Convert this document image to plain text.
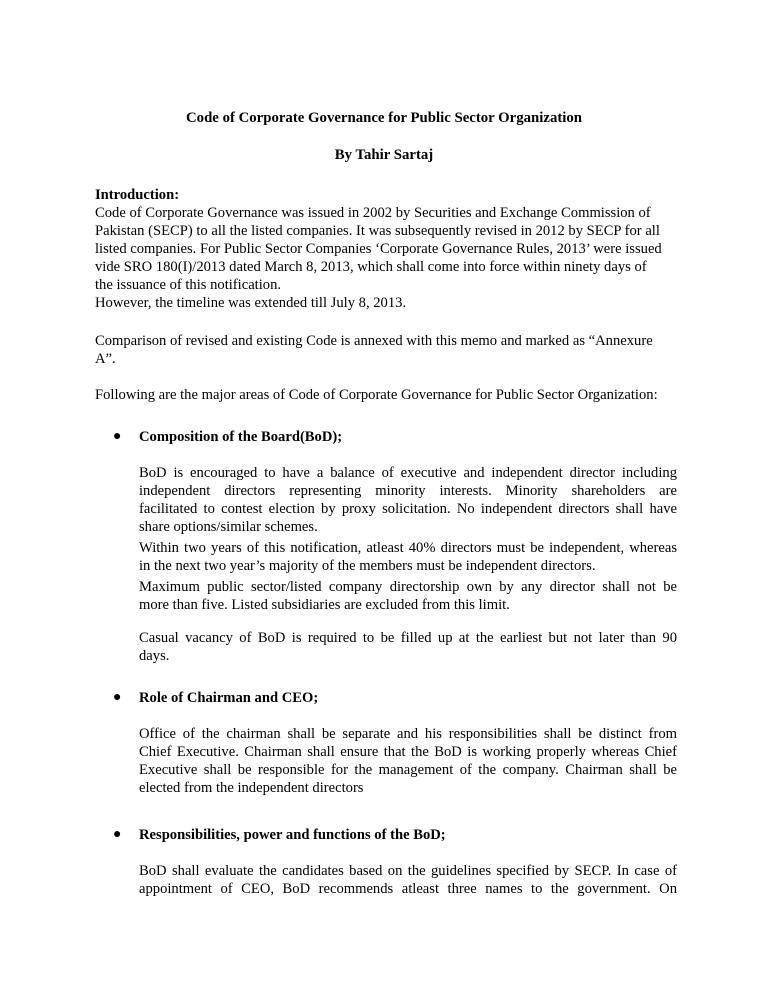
Code of Corporate Governance for Public Sector Organization
By Tahir Sartaj
Introduction:
Code of Corporate Governance was issued in 2002 by Securities and Exchange Commission of
Pakistan (SECP) to all the listed companies. It was subsequently revised in 2012 by SECP for all
listed companies. For Public Sector Companies ‘Corporate Governance Rules, 2013’ were issued
vide SRO 180(I)/2013 dated March 8, 2013, which shall come into force within ninety days of
the issuance of this notification.
However, the timeline was extended till July 8, 2013.
Comparison of revised and existing Code is annexed with this memo and marked as “Annexure
A”.
Following are the major areas of Code of Corporate Governance for Public Sector Organization:
● Composition of the Board(BoD);
BoD is encouraged to have a balance of executive and independent director including
independent directors representing minority interests. Minority shareholders are
facilitated to contest election by proxy solicitation. No independent directors shall have
share options/similar schemes.
Within two years of this notification, atleast 40% directors must be independent, whereas
in the next two year’s majority of the members must be independent directors.
Maximum public sector/listed company directorship own by any director shall not be
more than five. Listed subsidiaries are excluded from this limit.
Casual vacancy of BoD is required to be filled up at the earliest but not later than 90
days.
● Role of Chairman and CEO;
Office of the chairman shall be separate and his responsibilities shall be distinct from
Chief Executive. Chairman shall ensure that the BoD is working properly whereas Chief
Executive shall be responsible for the management of the company. Chairman shall be
elected from the independent directors
● Responsibilities, power and functions of the BoD;
BoD shall evaluate the candidates based on the guidelines specified by SECP. In case of
appointment of CEO, BoD recommends atleast three names to the government. On
